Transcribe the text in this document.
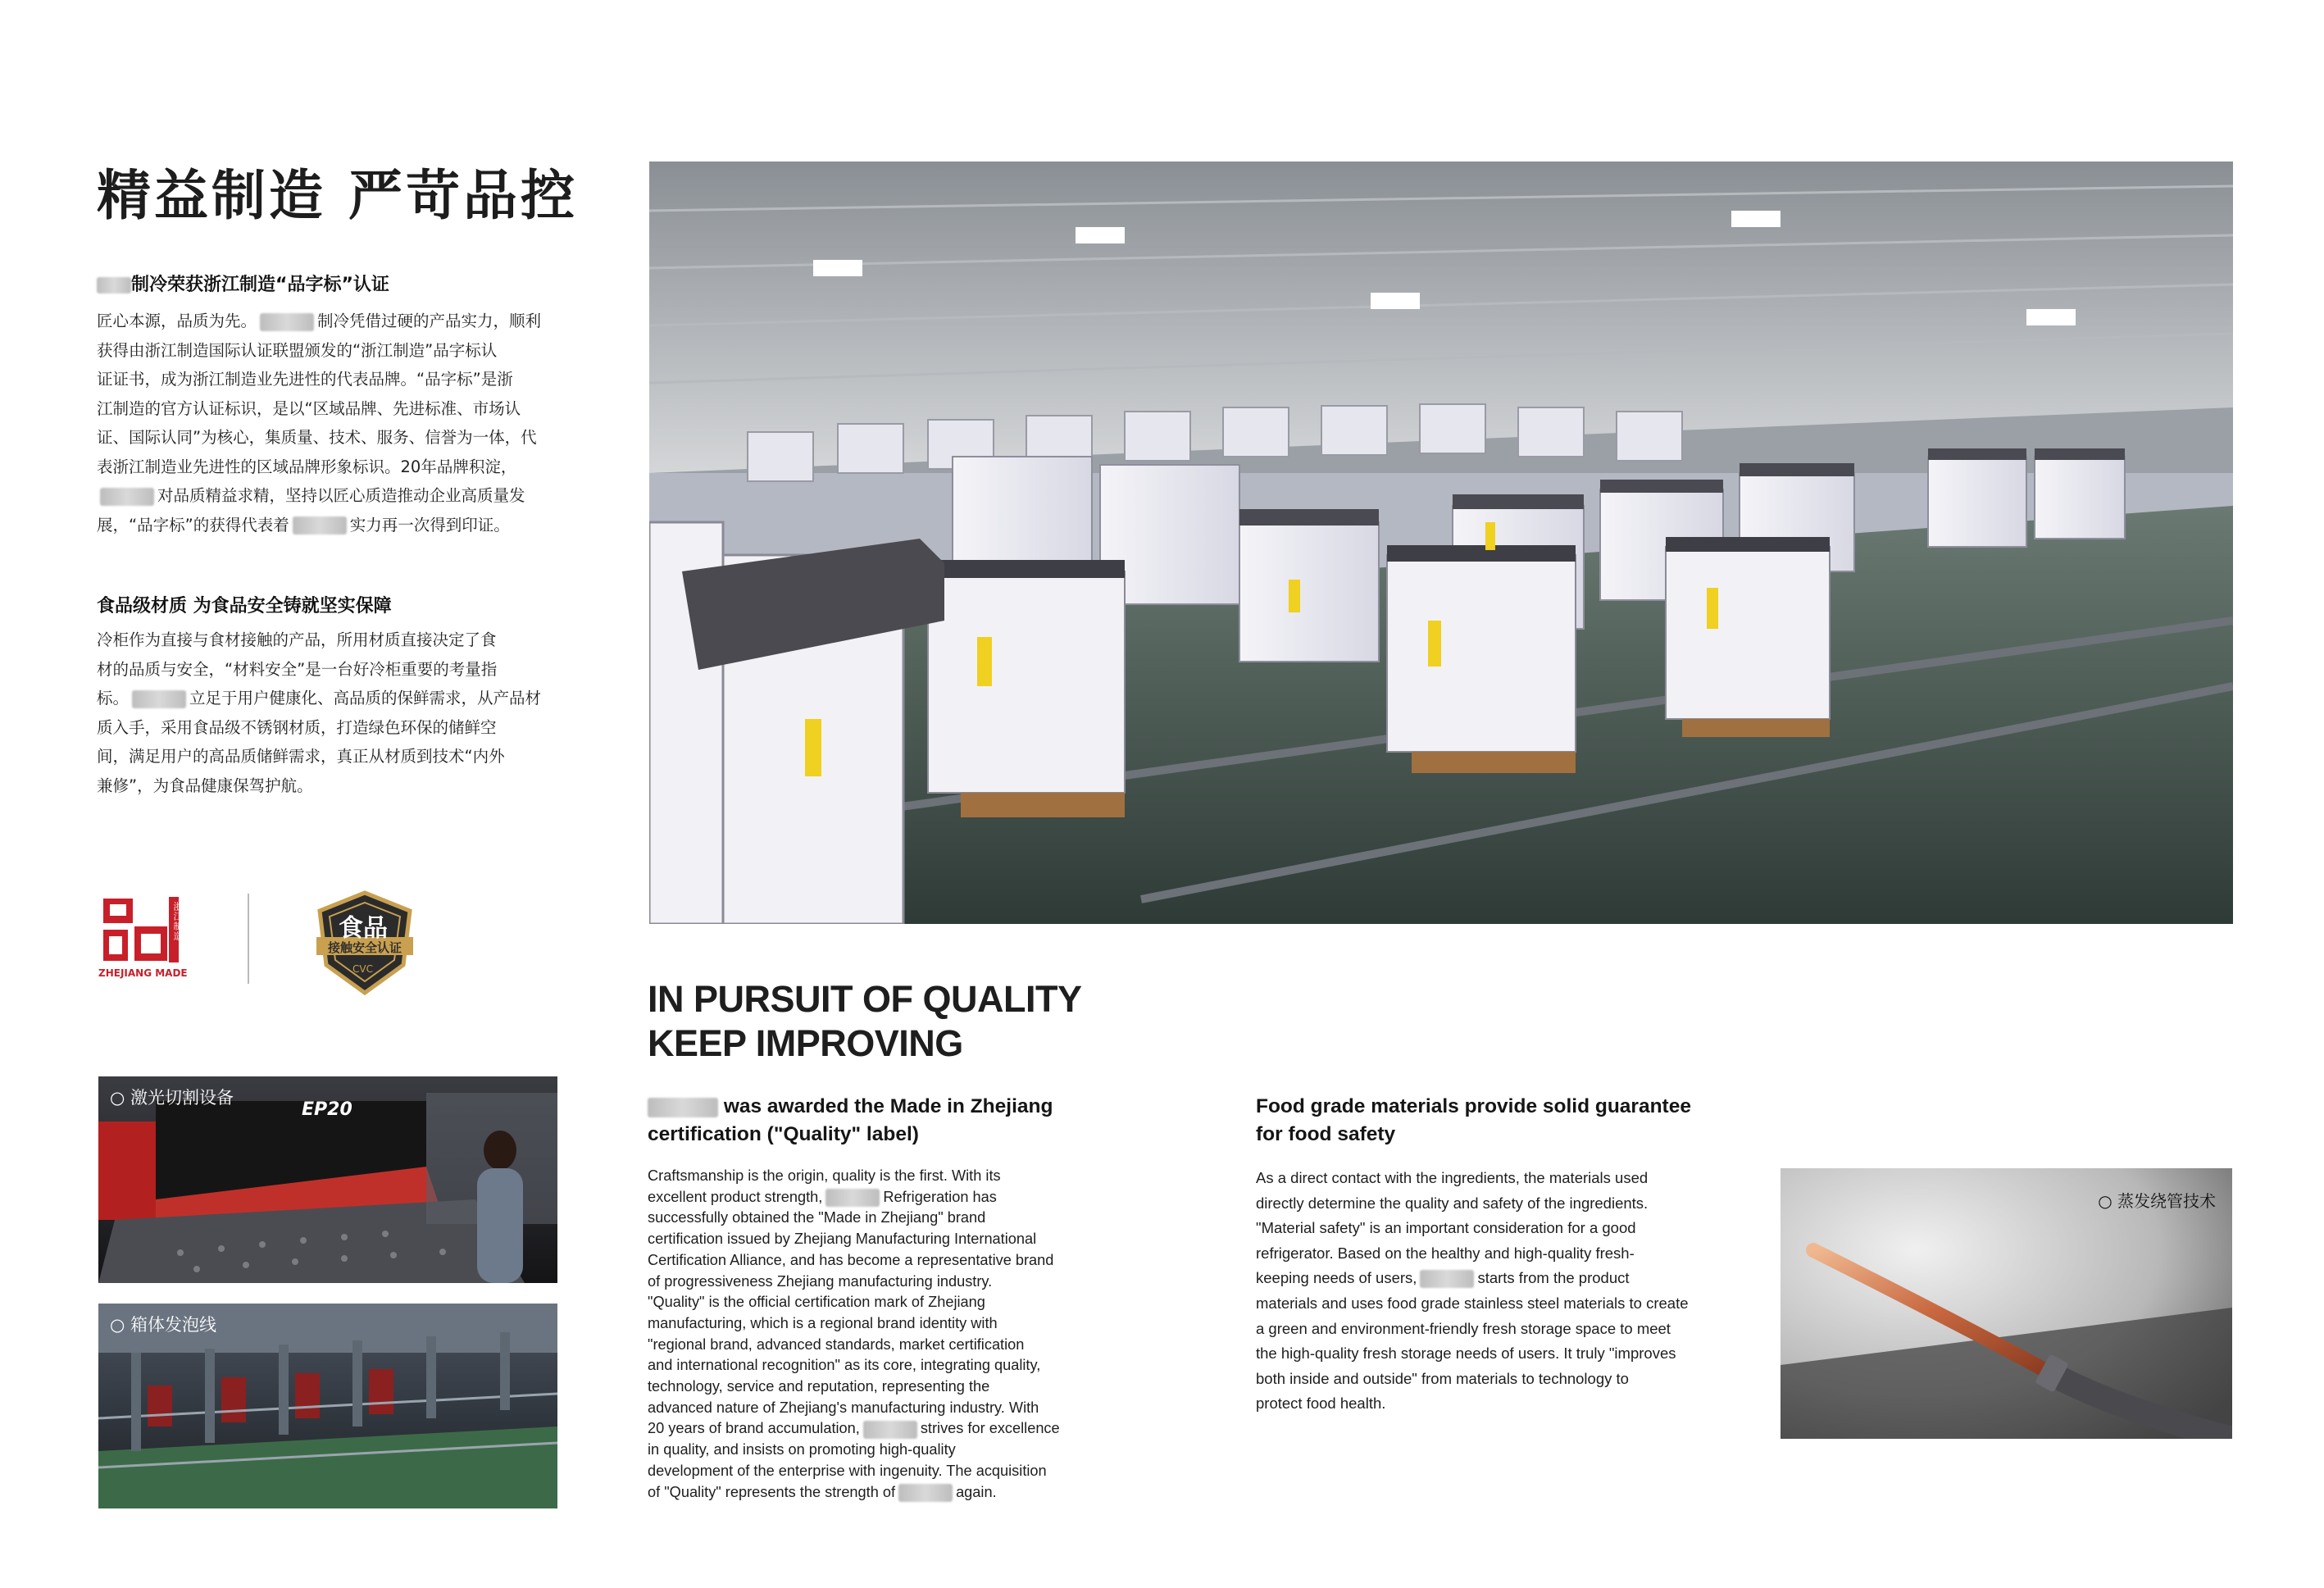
精益制造 严苛品控
制冷荣获浙江制造“品字标”认证
匠心本源，品质为先。	制冷凭借过硬的产品实力，顺利
获得由浙江制造国际认证联盟颁发的“浙江制造”品字标认
证证书，成为浙江制造业先进性的代表品牌。“品字标”是浙
江制造的官方认证标识，是以“区域品牌、先进标准、市场认
证、国际认同”为核心，集质量、技术、服务、信誉为一体，代
表浙江制造业先进性的区域品牌形象标识。20年品牌积淀，
对品质精益求精，坚持以匠心质造推动企业高质量发
展，“品字标”的获得代表着	实力再一次得到印证。
食品级材质 为食品安全铸就坚实保障
冷柜作为直接与食材接触的产品，所用材质直接决定了食
材的品质与安全，“材料安全”是一台好冷柜重要的考量指
标。	立足于用户健康化、高品质的保鲜需求，从产品材
质入手，采用食品级不锈钢材质，打造绿色环保的储鲜空
间，满足用户的高品质储鲜需求，真正从材质到技术“内外
兼修”，为食品健康保驾护航。
浙江制造
ZHEJIANG MADE
食品
接触安全认证
CVC
○ 激光切割设备
EP20
○ 箱体发泡线
IN PURSUIT OF QUALITY
KEEP IMPROVING
was awarded the Made in Zhejiang
certification ("Quality" label)
Craftsmanship is the origin, quality is the first. With its
excellent product strength,	Refrigeration has
successfully obtained the "Made in Zhejiang" brand
certification issued by Zhejiang Manufacturing International
Certification Alliance, and has become a representative brand
of progressiveness Zhejiang manufacturing industry.
"Quality" is the official certification mark of Zhejiang
manufacturing, which is a regional brand identity with
"regional brand, advanced standards, market certification
and international recognition" as its core, integrating quality,
technology, service and reputation, representing the
advanced nature of Zhejiang's manufacturing industry. With
20 years of brand accumulation,	strives for excellence
in quality, and insists on promoting high-quality
development of the enterprise with ingenuity. The acquisition
of "Quality" represents the strength of	again.
Food grade materials provide solid guarantee
for food safety
As a direct contact with the ingredients, the materials used
directly determine the quality and safety of the ingredients.
"Material safety" is an important consideration for a good
refrigerator. Based on the healthy and high-quality fresh-
keeping needs of users,	starts from the product
materials and uses food grade stainless steel materials to create
a green and environment-friendly fresh storage space to meet
the high-quality fresh storage needs of users. It truly "improves
both inside and outside" from materials to technology to
protect food health.
○ 蒸发绕管技术
